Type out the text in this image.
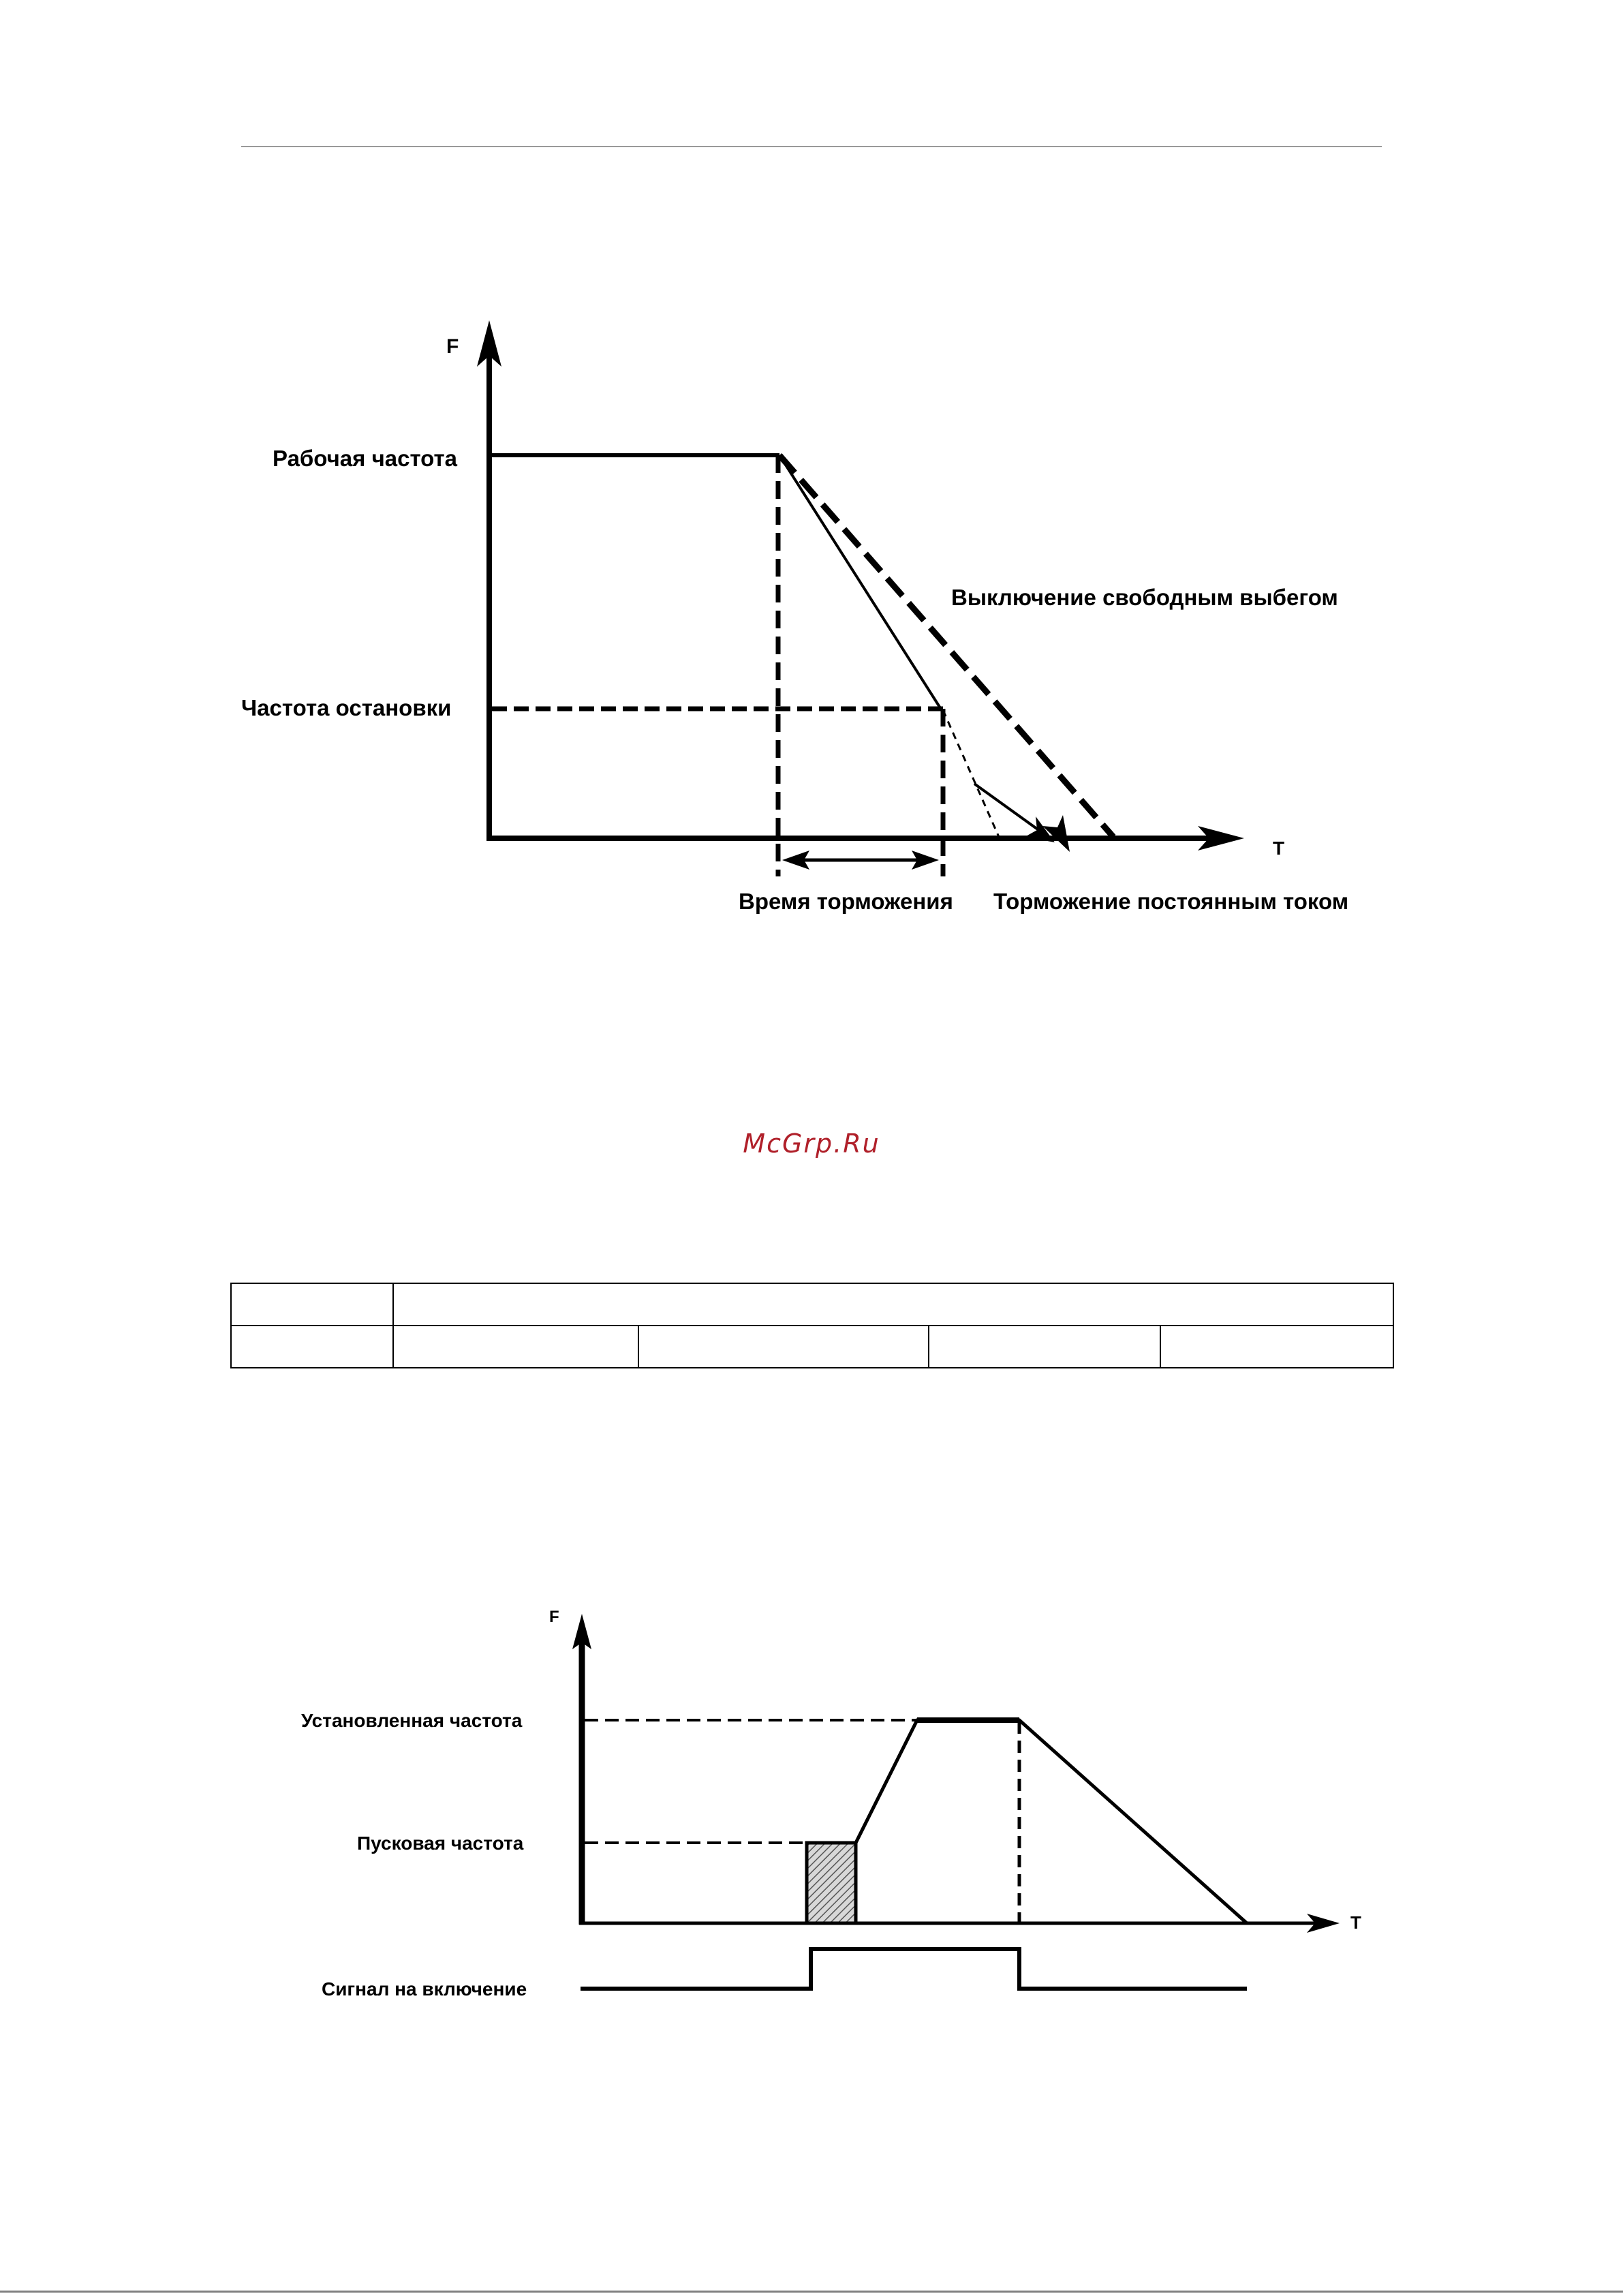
F
T
Рабочая частота
Частота остановки
Выключение свободным выбегом
Время торможения Торможение постоянным током
McGrp.Ru

F
T
Установленная частота
Пусковая частота
Сигнал на включение
